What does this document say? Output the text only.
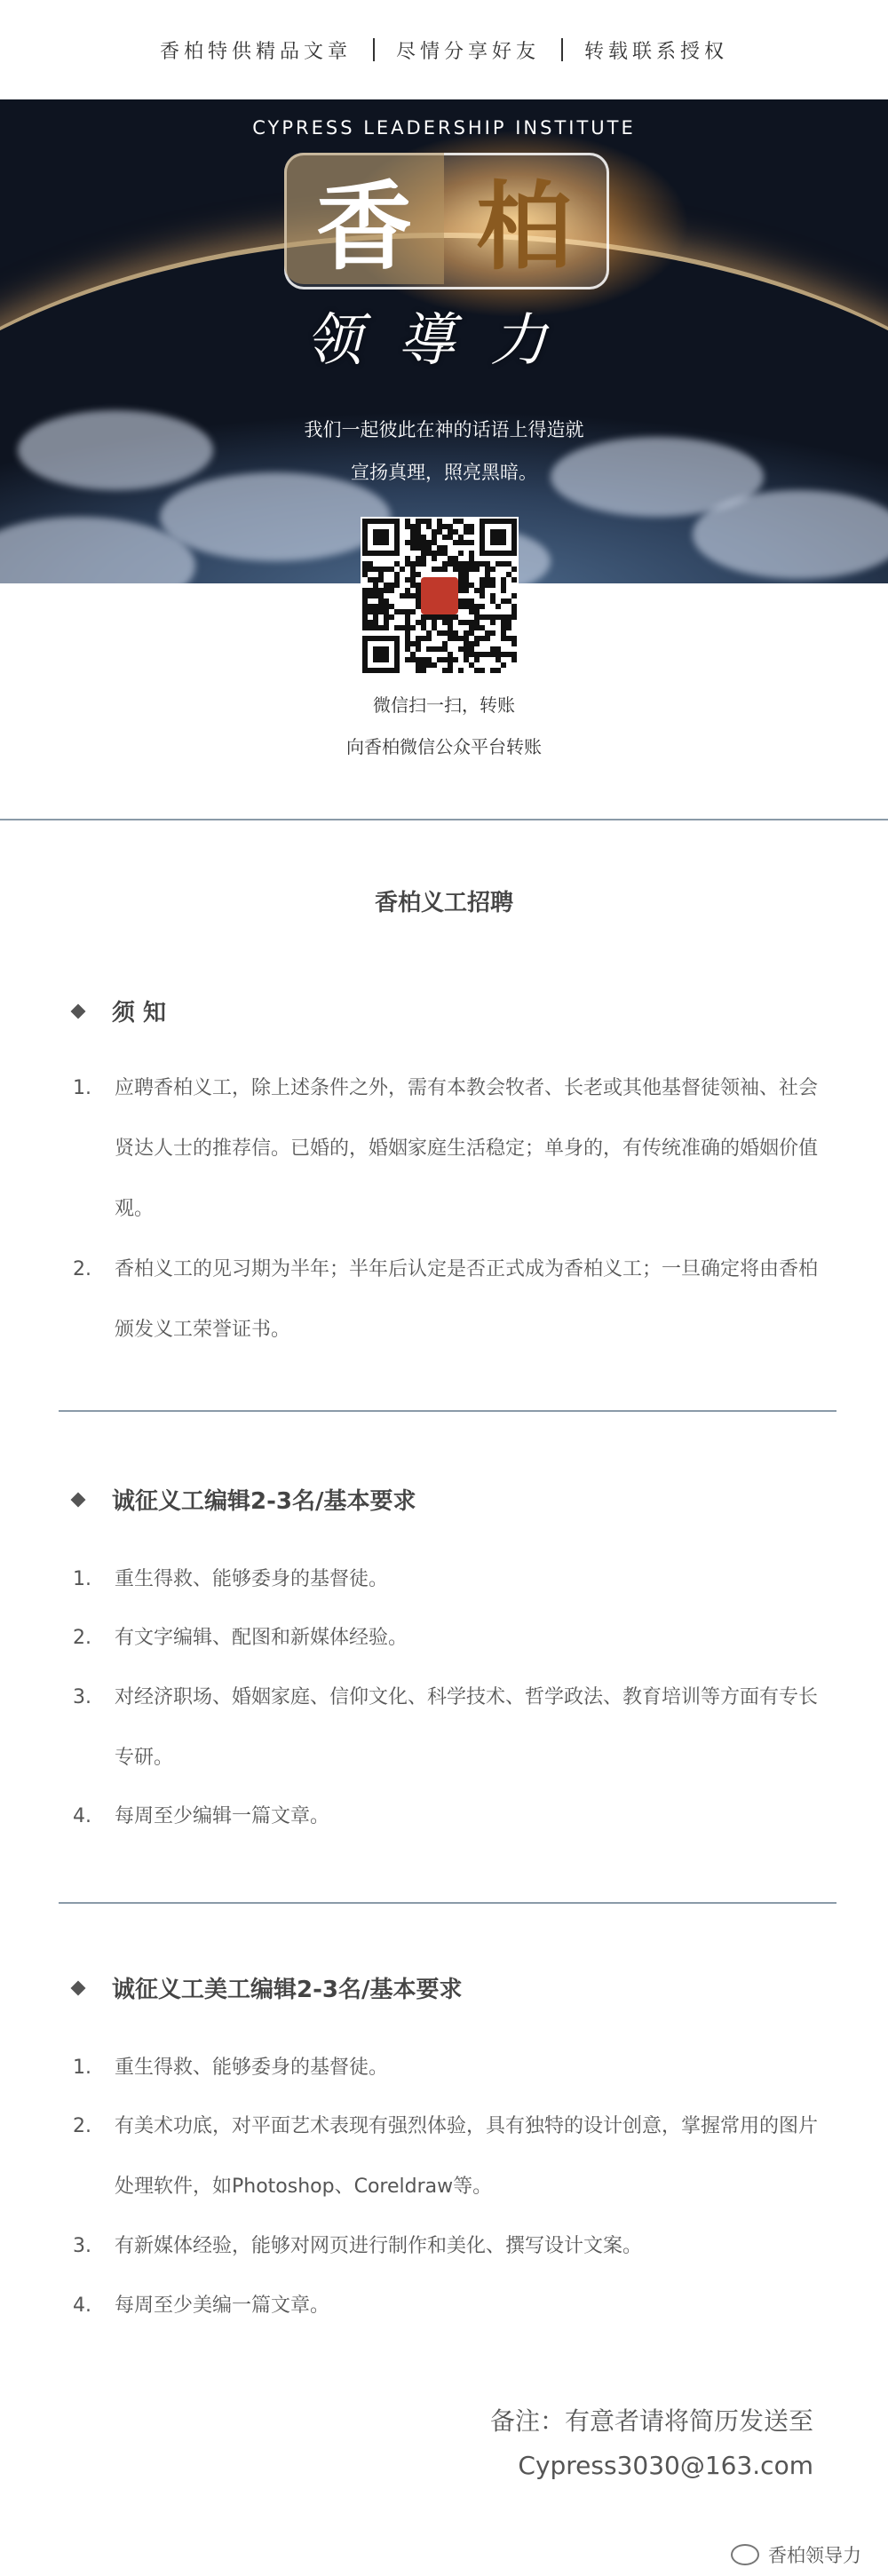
香柏特供精品文章 尽情分享好友 转载联系授权
CYPRESS LEADERSHIP INSTITUTE
香 柏
领導力
我们一起彼此在神的话语上得造就
宣扬真理，照亮黑暗。
微信扫一扫，转账
向香柏微信公众平台转账
香柏义工招聘
须 知
1.	应聘香柏义工，除上述条件之外，需有本教会牧者、长老或其他基督徒领袖、社会贤达人士的推荐信。已婚的，婚姻家庭生活稳定；单身的，有传统准确的婚姻价值观。
2.	香柏义工的见习期为半年；半年后认定是否正式成为香柏义工；一旦确定将由香柏颁发义工荣誉证书。
诚征义工编辑2-3名/基本要求
1.	重生得救、能够委身的基督徒。
2.	有文字编辑、配图和新媒体经验。
3.	对经济职场、婚姻家庭、信仰文化、科学技术、哲学政法、教育培训等方面有专长专研。
4.	每周至少编辑一篇文章。
诚征义工美工编辑2-3名/基本要求
1.	重生得救、能够委身的基督徒。
2.	有美术功底，对平面艺术表现有强烈体验，具有独特的设计创意，掌握常用的图片处理软件，如Photoshop、Coreldraw等。
3.	有新媒体经验，能够对网页进行制作和美化、撰写设计文案。
4.	每周至少美编一篇文章。
备注：有意者请将简历发送至
Cypress3030@163.com
香柏领导力
